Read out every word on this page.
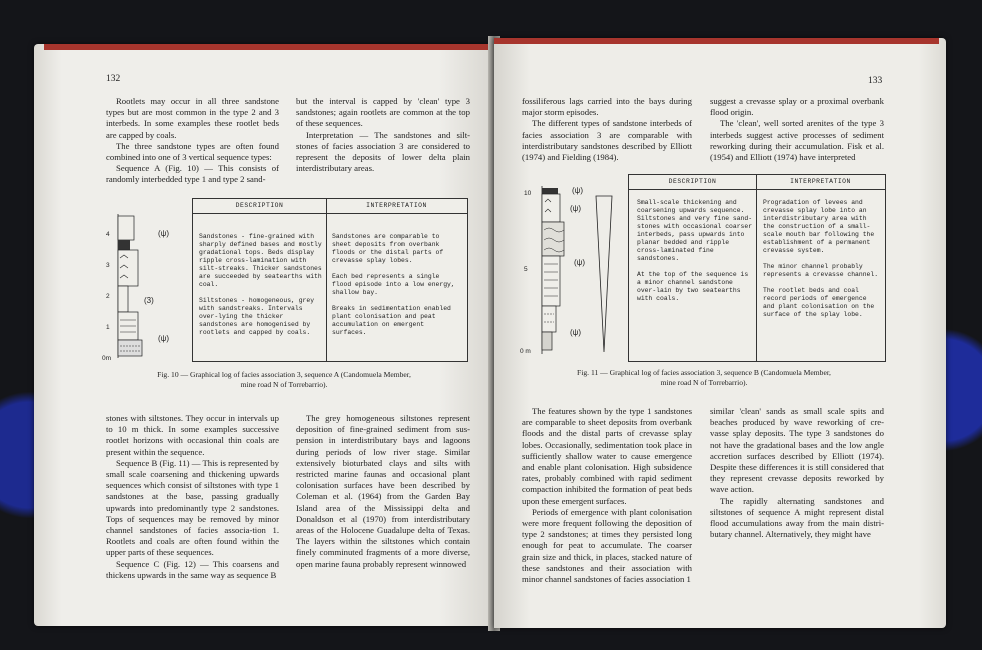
132

Rootlets may occur in all three sandstone types but are most common in the type 2 and 3 interbeds. In some examples these rootlet beds are capped by coals.

The three sandstone types are often found combined into one of 3 vertical sequence types:

Sequence A (Fig. 10) — This consists of randomly interbedded type 1 and type 2 sand-

but the interval is capped by 'clean' type 3 sandstones; again rootlets are common at the top of these sequences.

Interpretation — The sandstones and silt-stones of facies association 3 are considered to represent the deposits of lower delta plain interdistributary areas.

4
3
2
1
0m
(ψ)
(3)
(ψ)
DESCRIPTION	INTERPRETATION
Sandstones - fine-grained with sharply defined bases and mostly gradational tops. Beds display ripple cross-lamination with silt-streaks. Thicker sandstones are succeeded by seatearths with coal.

Siltstones - homogeneous, grey with sandstreaks. Intervals over-lying the thicker sandstones are homogenised by rootlets and capped by coals.
Sandstones are comparable to sheet deposits from overbank floods or the distal parts of crevasse splay lobes.

Each bed represents a single flood episode into a low energy, shallow bay.

Breaks in sedimentation enabled plant colonisation and peat accumulation on emergent surfaces.
Fig. 10 — Graphical log of facies association 3, sequence A (Candomuela Member,
mine road N of Torrebarrio).

stones with siltstones. They occur in intervals up to 10 m thick. In some examples successive rootlet horizons with occasional thin coals are present within the sequence.

Sequence B (Fig. 11) — This is represented by small scale coarsening and thickening upwards sequences which consist of siltstones with type 1 sandstones at the base, passing gradually upwards into predominantly type 2 sandstones. Tops of sequences may be removed by minor channel sandstones of facies associa-tion 1. Rootlets and coals are often found within the upper parts of these sequences.

Sequence C (Fig. 12) — This coarsens and thickens upwards in the same way as sequence B

The grey homogeneous siltstones represent deposition of fine-grained sediment from sus-pension in interdistributary bays and lagoons during periods of low river stage. Similar extensively bioturbated clays and silts with restricted marine faunas and occasional plant colonisation surfaces have been described by Coleman et al. (1964) from the Garden Bay Island area of the Mississippi delta and Donaldson et al (1970) from interdistributary areas of the Holocene Guadalupe delta of Texas. The layers within the siltstones which contain finely comminuted fragments of a more diverse, open marine fauna probably represent winnowed

133

fossiliferous lags carried into the bays during major storm episodes.

The different types of sandstone interbeds of facies association 3 are comparable with interdistributary sandstones described by Elliott (1974) and Fielding (1984).

suggest a crevasse splay or a proximal overbank flood origin.

The 'clean', well sorted arenites of the type 3 interbeds suggest active processes of sediment reworking during their accumulation. Fisk et al. (1954) and Elliott (1974) have interpreted

10
5
0 m
(ψ)
(ψ)
(ψ)
(ψ)
DESCRIPTION	INTERPRETATION
Small-scale thickening and coarsening upwards sequence. Siltstones and very fine sand-stones with occasional coarser interbeds, pass upwards into planar bedded and ripple cross-laminated fine sandstones.

At the top of the sequence is a minor channel sandstone over-lain by two seatearths with coals.
Progradation of levees and crevasse splay lobe into an interdistributary area with the construction of a small-scale mouth bar following the establishment of a permanent crevasse system.

The minor channel probably represents a crevasse channel.

The rootlet beds and coal record periods of emergence and plant colonisation on the surface of the splay lobe.
Fig. 11 — Graphical log of facies association 3, sequence B (Candomuela Member,
mine road N of Torrebarrio).

The features shown by the type 1 sandstones are comparable to sheet deposits from overbank floods and the distal parts of crevasse splay lobes. Occasionally, sedimentation took place in sufficiently shallow water to cause emergence and enable plant colonisation. High subsidence rates, probably combined with rapid sediment compaction inhibited the formation of peat beds upon these emergent surfaces.

Periods of emergence with plant colonisation were more frequent following the deposition of type 2 sandstones; at times they persisted long enough for peat to accumulate. The coarser grain size and thick, in places, stacked nature of these sandstones and their association with minor channel sandstones of facies association 1

similar 'clean' sands as small scale spits and beaches produced by wave reworking of cre-vasse splay deposits. The type 3 sandstones do not have the gradational bases and the low angle accretion surfaces described by Elliott (1974). Despite these differences it is still considered that they represent crevasse deposits reworked by wave action.

The rapidly alternating sandstones and siltstones of sequence A might represent distal flood accumulations away from the main distri-butary channel. Alternatively, they might have
